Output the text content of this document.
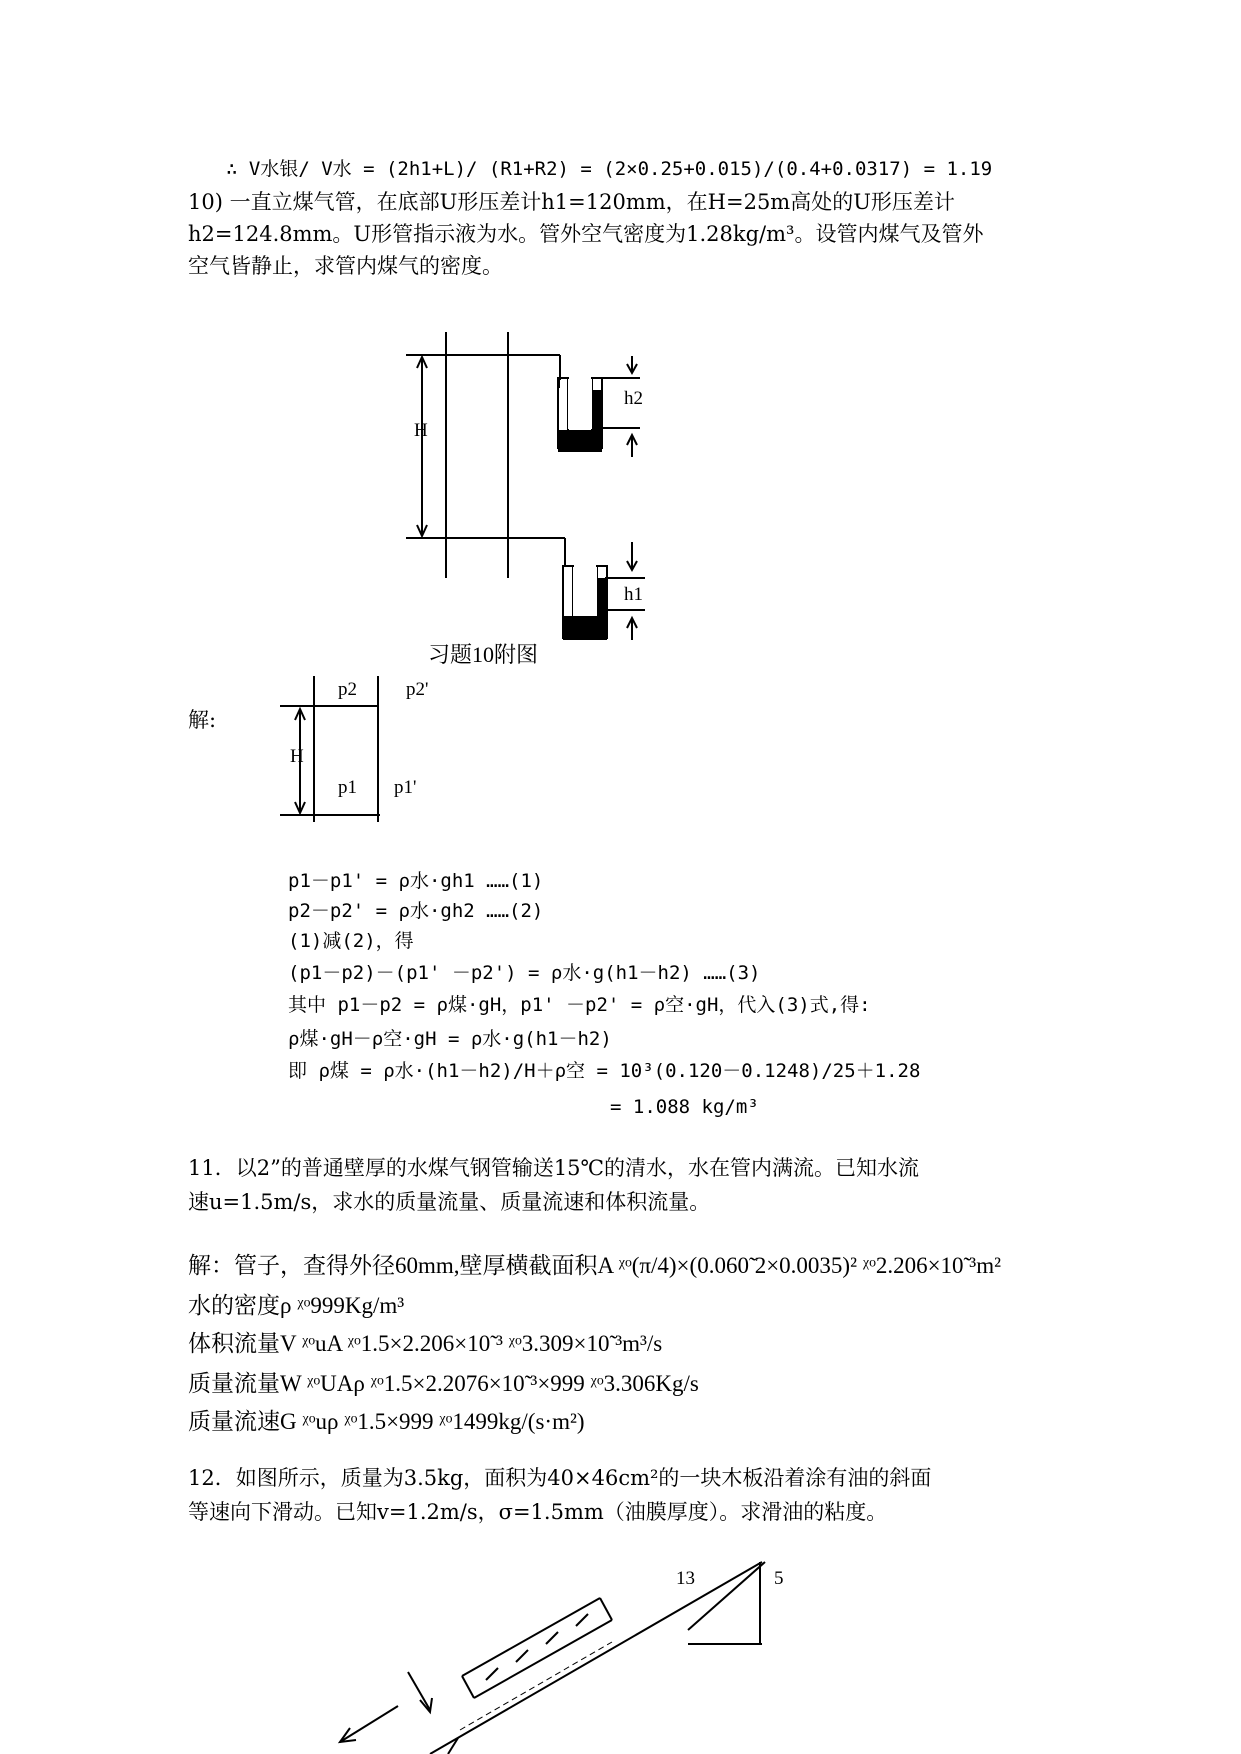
∴ V水银/ V水 = (2h1+L)/ (R1+R2) = (2×0.25+0.015)/(0.4+0.0317) = 1.19
10) 一直立煤气管，在底部U形压差计h1=120mm，在H=25m高处的U形压差计
h2=124.8mm。U形管指示液为水。管外空气密度为1.28kg/m³。设管内煤气及管外
空气皆静止，求管内煤气的密度。
H
h2
h1
习题10附图
解:
p2	p2'
H
p1 p1'
p1－p1' = ρ水·gh1 ……(1)
p2－p2' = ρ水·gh2 ……(2)
(1)减(2)，得
(p1－p2)－(p1' －p2') = ρ水·g(h1－h2) ……(3)
其中 p1－p2 = ρ煤·gH，p1' －p2' = ρ空·gH，代入(3)式,得:
ρ煤·gH－ρ空·gH = ρ水·g(h1－h2)
即 ρ煤 = ρ水·(h1－h2)/H＋ρ空 = 10³(0.120－0.1248)/25＋1.28
= 1.088 kg/m³
11．以2”的普通壁厚的水煤气钢管输送15℃的清水，水在管内满流。已知水流
速u=1.5m/s，求水的质量流量、质量流速和体积流量。
解：管子，查得外径60mm,壁厚横截面积A ᵡᵒ(π/4)×(0.060̃ 2×0.0035)² ᵡᵒ2.206×10̃ ³m²
水的密度ρ ᵡᵒ999Kg/m³
体积流量V ᵡᵒuA ᵡᵒ1.5×2.206×10̃ ³ ᵡᵒ3.309×10̃ ³m³/s
质量流量W ᵡᵒUAρ ᵡᵒ1.5×2.2076×10̃ ³×999 ᵡᵒ3.306Kg/s
质量流速G ᵡᵒuρ ᵡᵒ1.5×999 ᵡᵒ1499kg/(s·m²)
12．如图所示，质量为3.5kg，面积为40×46cm²的一块木板沿着涂有油的斜面
等速向下滑动。已知v=1.2m/s，σ=1.5mm（油膜厚度）。求滑油的粘度。
13	5
